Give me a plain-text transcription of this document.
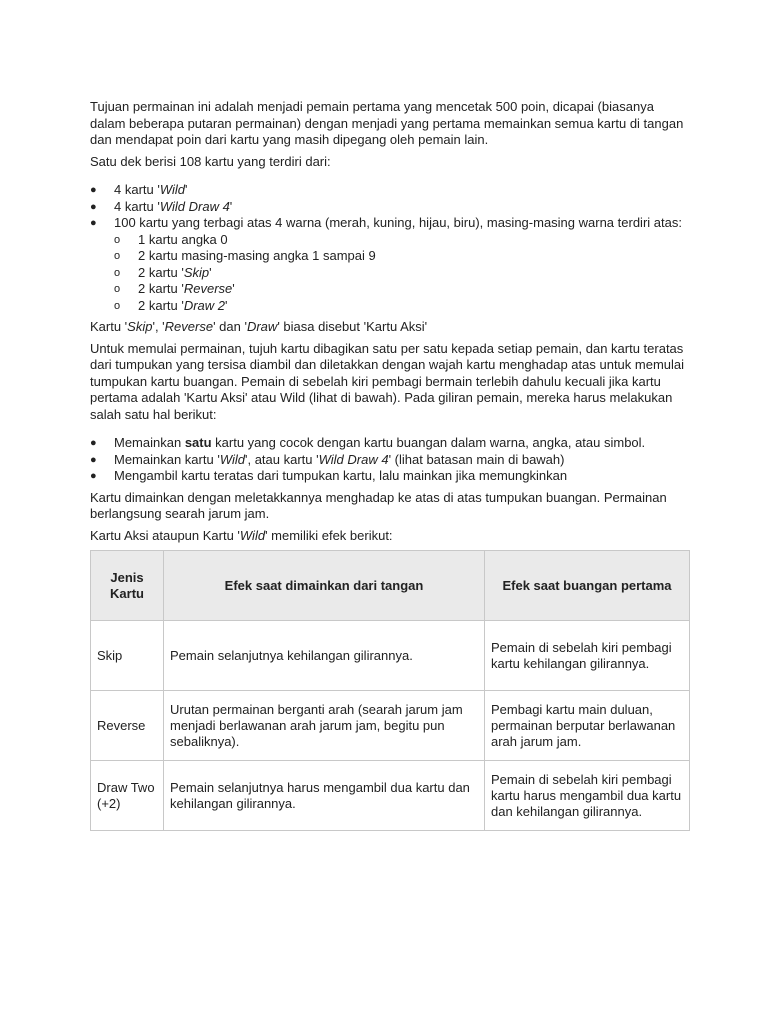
Tujuan permainan ini adalah menjadi pemain pertama yang mencetak 500 poin, dicapai (biasanya dalam beberapa putaran permainan) dengan menjadi yang pertama memainkan semua kartu di tangan dan mendapat poin dari kartu yang masih dipegang oleh pemain lain.

Satu dek berisi 108 kartu yang terdiri dari:

●	4 kartu 'Wild'
●	4 kartu 'Wild Draw 4'
●	100 kartu yang terbagi atas 4 warna (merah, kuning, hijau, biru), masing-masing warna terdiri atas:
o 1 kartu angka 0
o 2 kartu masing-masing angka 1 sampai 9
o 2 kartu 'Skip'
o 2 kartu 'Reverse'
o 2 kartu 'Draw 2'

Kartu 'Skip', 'Reverse' dan 'Draw' biasa disebut 'Kartu Aksi'

Untuk memulai permainan, tujuh kartu dibagikan satu per satu kepada setiap pemain, dan kartu teratas dari tumpukan yang tersisa diambil dan diletakkan dengan wajah kartu menghadap atas untuk memulai tumpukan kartu buangan. Pemain di sebelah kiri pembagi bermain terlebih dahulu kecuali jika kartu pertama adalah 'Kartu Aksi' atau Wild (lihat di bawah). Pada giliran pemain, mereka harus melakukan salah satu hal berikut:

●	Memainkan satu kartu yang cocok dengan kartu buangan dalam warna, angka, atau simbol.
●	Memainkan kartu 'Wild', atau kartu 'Wild Draw 4' (lihat batasan main di bawah)
●	Mengambil kartu teratas dari tumpukan kartu, lalu mainkan jika memungkinkan

Kartu dimainkan dengan meletakkannya menghadap ke atas di atas tumpukan buangan. Permainan berlangsung searah jarum jam.

Kartu Aksi ataupun Kartu 'Wild' memiliki efek berikut:

Jenis Kartu	Efek saat dimainkan dari tangan	Efek saat buangan pertama
Skip	Pemain selanjutnya kehilangan gilirannya.	Pemain di sebelah kiri pembagi kartu kehilangan gilirannya.
Reverse	Urutan permainan berganti arah (searah jarum jam menjadi berlawanan arah jarum jam, begitu pun sebaliknya).	Pembagi kartu main duluan, permainan berputar berlawanan arah jarum jam.
Draw Two (+2)	Pemain selanjutnya harus mengambil dua kartu dan kehilangan gilirannya.	Pemain di sebelah kiri pembagi kartu harus mengambil dua kartu dan kehilangan gilirannya.
